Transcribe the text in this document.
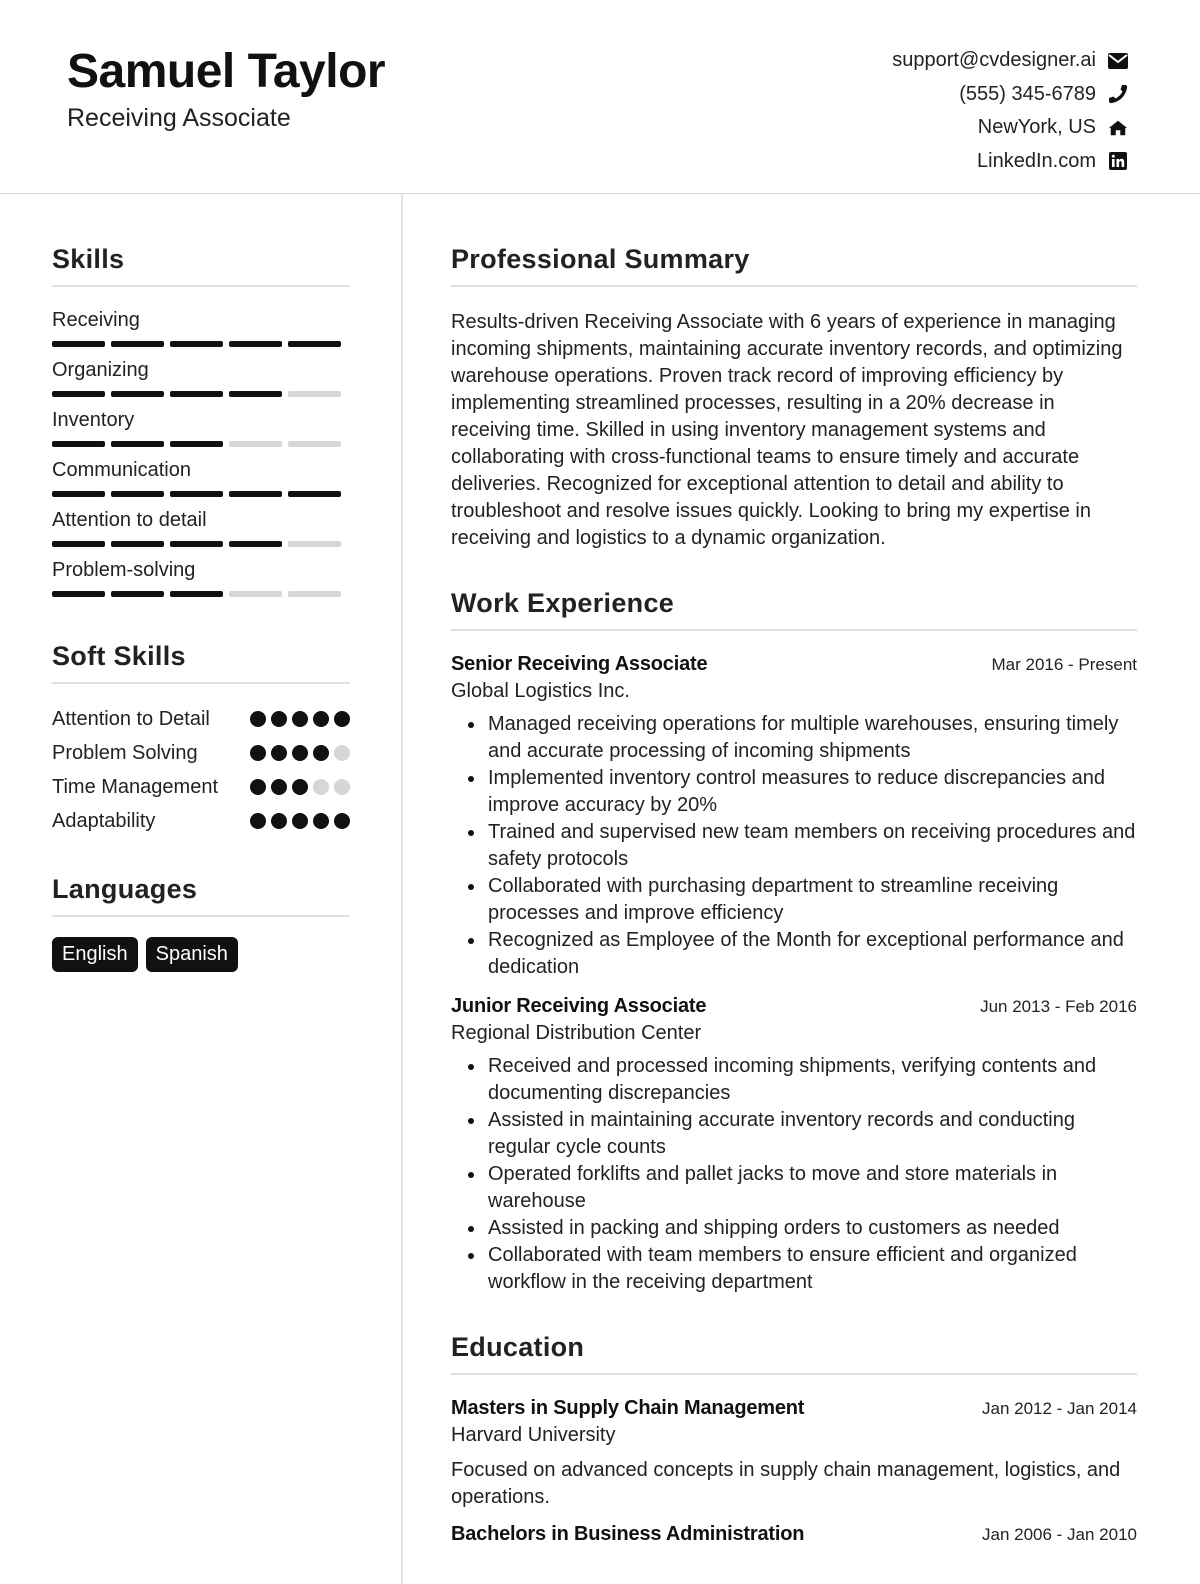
Samuel Taylor
Receiving Associate
support@cvdesigner.ai
(555) 345-6789
NewYork, US
LinkedIn.com
Skills
Receiving
Organizing
Inventory
Communication
Attention to detail
Problem-solving
Soft Skills
Attention to Detail
Problem Solving
Time Management
Adaptability
Languages
English	Spanish
Professional Summary
Results-driven Receiving Associate with 6 years of experience in managing incoming shipments, maintaining accurate inventory records, and optimizing warehouse operations. Proven track record of improving efficiency by implementing streamlined processes, resulting in a 20% decrease in receiving time. Skilled in using inventory management systems and collaborating with cross-functional teams to ensure timely and accurate deliveries. Recognized for exceptional attention to detail and ability to troubleshoot and resolve issues quickly. Looking to bring my expertise in receiving and logistics to a dynamic organization.
Work Experience
Senior Receiving Associate	Mar 2016 - Present
Global Logistics Inc.
Managed receiving operations for multiple warehouses, ensuring timely and accurate processing of incoming shipments
Implemented inventory control measures to reduce discrepancies and improve accuracy by 20%
Trained and supervised new team members on receiving procedures and safety protocols
Collaborated with purchasing department to streamline receiving processes and improve efficiency
Recognized as Employee of the Month for exceptional performance and dedication
Junior Receiving Associate	Jun 2013 - Feb 2016
Regional Distribution Center
Received and processed incoming shipments, verifying contents and documenting discrepancies
Assisted in maintaining accurate inventory records and conducting regular cycle counts
Operated forklifts and pallet jacks to move and store materials in warehouse
Assisted in packing and shipping orders to customers as needed
Collaborated with team members to ensure efficient and organized workflow in the receiving department
Education
Masters in Supply Chain Management	Jan 2012 - Jan 2014
Harvard University
Focused on advanced concepts in supply chain management, logistics, and operations.
Bachelors in Business Administration	Jan 2006 - Jan 2010
